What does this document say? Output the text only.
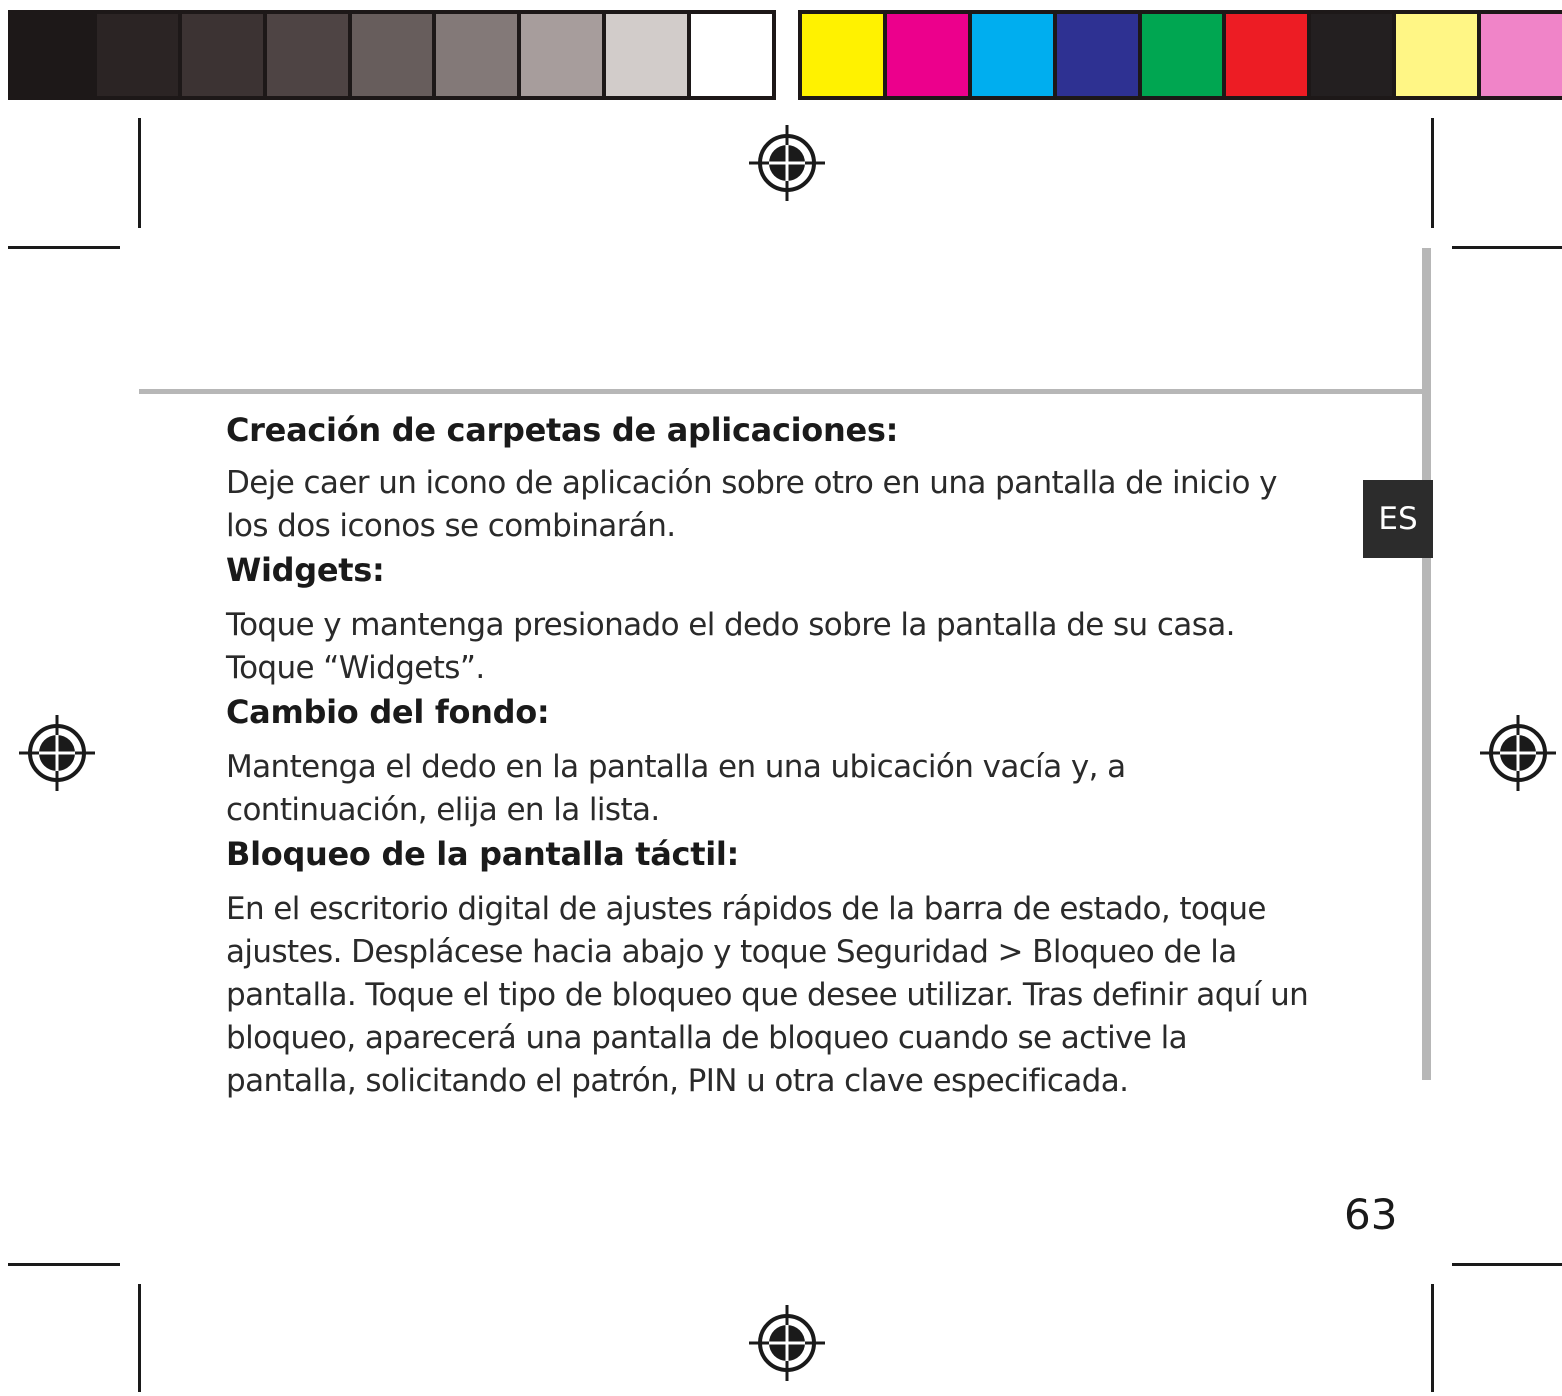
ES
Creación de carpetas de aplicaciones:

Deje caer un icono de aplicación sobre otro en una pantalla de inicio y los dos iconos se combinarán.

Widgets:

Toque y mantenga presionado el dedo sobre la pantalla de su casa. Toque “Widgets”.

Cambio del fondo:

Mantenga el dedo en la pantalla en una ubicación vacía y, a continuación, elija en la lista.

Bloqueo de la pantalla táctil:

En el escritorio digital de ajustes rápidos de la barra de estado, toque ajustes. Desplácese hacia abajo y toque Seguridad > Bloqueo de la pantalla. Toque el tipo de bloqueo que desee utilizar. Tras definir aquí un bloqueo, aparecerá una pantalla de bloqueo cuando se active la pantalla, solicitando el patrón, PIN u otra clave especificada.

63
